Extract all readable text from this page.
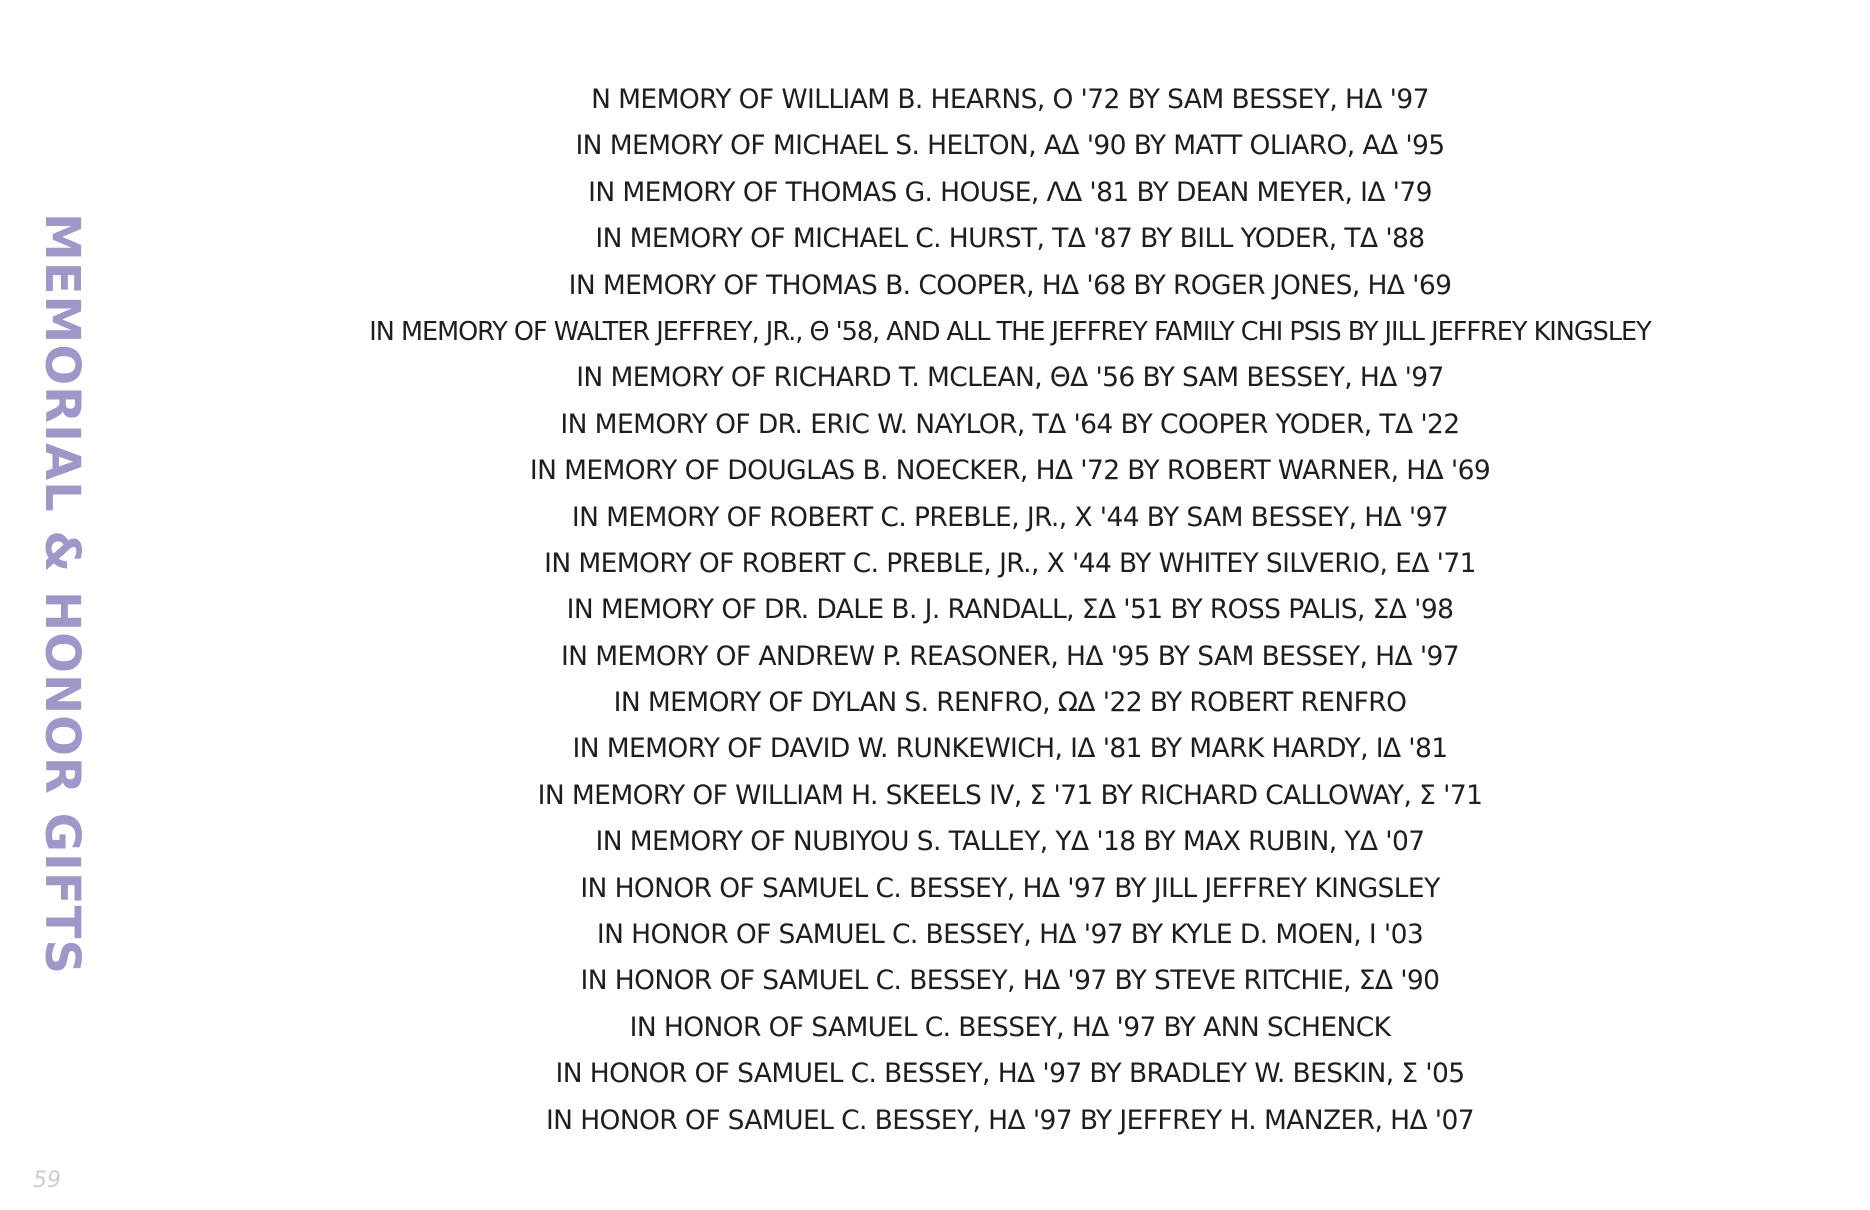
MEMORIAL & HONOR GIFTS
N MEMORY OF WILLIAM B. HEARNS, O '72 BY SAM BESSEY, HΔ '97
IN MEMORY OF MICHAEL S. HELTON, AΔ '90 BY MATT OLIARO, AΔ '95
IN MEMORY OF THOMAS G. HOUSE, ΛΔ '81 BY DEAN MEYER, IΔ '79
IN MEMORY OF MICHAEL C. HURST, TΔ '87 BY BILL YODER, TΔ '88
IN MEMORY OF THOMAS B. COOPER, HΔ '68 BY ROGER JONES, HΔ '69
IN MEMORY OF WALTER JEFFREY, JR., Θ '58, AND ALL THE JEFFREY FAMILY CHI PSIS BY JILL JEFFREY KINGSLEY
IN MEMORY OF RICHARD T. MCLEAN, ΘΔ '56 BY SAM BESSEY, HΔ '97
IN MEMORY OF DR. ERIC W. NAYLOR, TΔ '64 BY COOPER YODER, TΔ '22
IN MEMORY OF DOUGLAS B. NOECKER, HΔ '72 BY ROBERT WARNER, HΔ '69
IN MEMORY OF ROBERT C. PREBLE, JR., X '44 BY SAM BESSEY, HΔ '97
IN MEMORY OF ROBERT C. PREBLE, JR., X '44 BY WHITEY SILVERIO, EΔ '71
IN MEMORY OF DR. DALE B. J. RANDALL, ΣΔ '51 BY ROSS PALIS, ΣΔ '98
IN MEMORY OF ANDREW P. REASONER, HΔ '95 BY SAM BESSEY, HΔ '97
IN MEMORY OF DYLAN S. RENFRO, ΩΔ '22 BY ROBERT RENFRO
IN MEMORY OF DAVID W. RUNKEWICH, IΔ '81 BY MARK HARDY, IΔ '81
IN MEMORY OF WILLIAM H. SKEELS IV, Σ '71 BY RICHARD CALLOWAY, Σ '71
IN MEMORY OF NUBIYOU S. TALLEY, YΔ '18 BY MAX RUBIN, YΔ '07
IN HONOR OF SAMUEL C. BESSEY, HΔ '97 BY JILL JEFFREY KINGSLEY
IN HONOR OF SAMUEL C. BESSEY, HΔ '97 BY KYLE D. MOEN, I '03
IN HONOR OF SAMUEL C. BESSEY, HΔ '97 BY STEVE RITCHIE, ΣΔ '90
IN HONOR OF SAMUEL C. BESSEY, HΔ '97 BY ANN SCHENCK
IN HONOR OF SAMUEL C. BESSEY, HΔ '97 BY BRADLEY W. BESKIN, Σ '05
IN HONOR OF SAMUEL C. BESSEY, HΔ '97 BY JEFFREY H. MANZER, HΔ '07
59
